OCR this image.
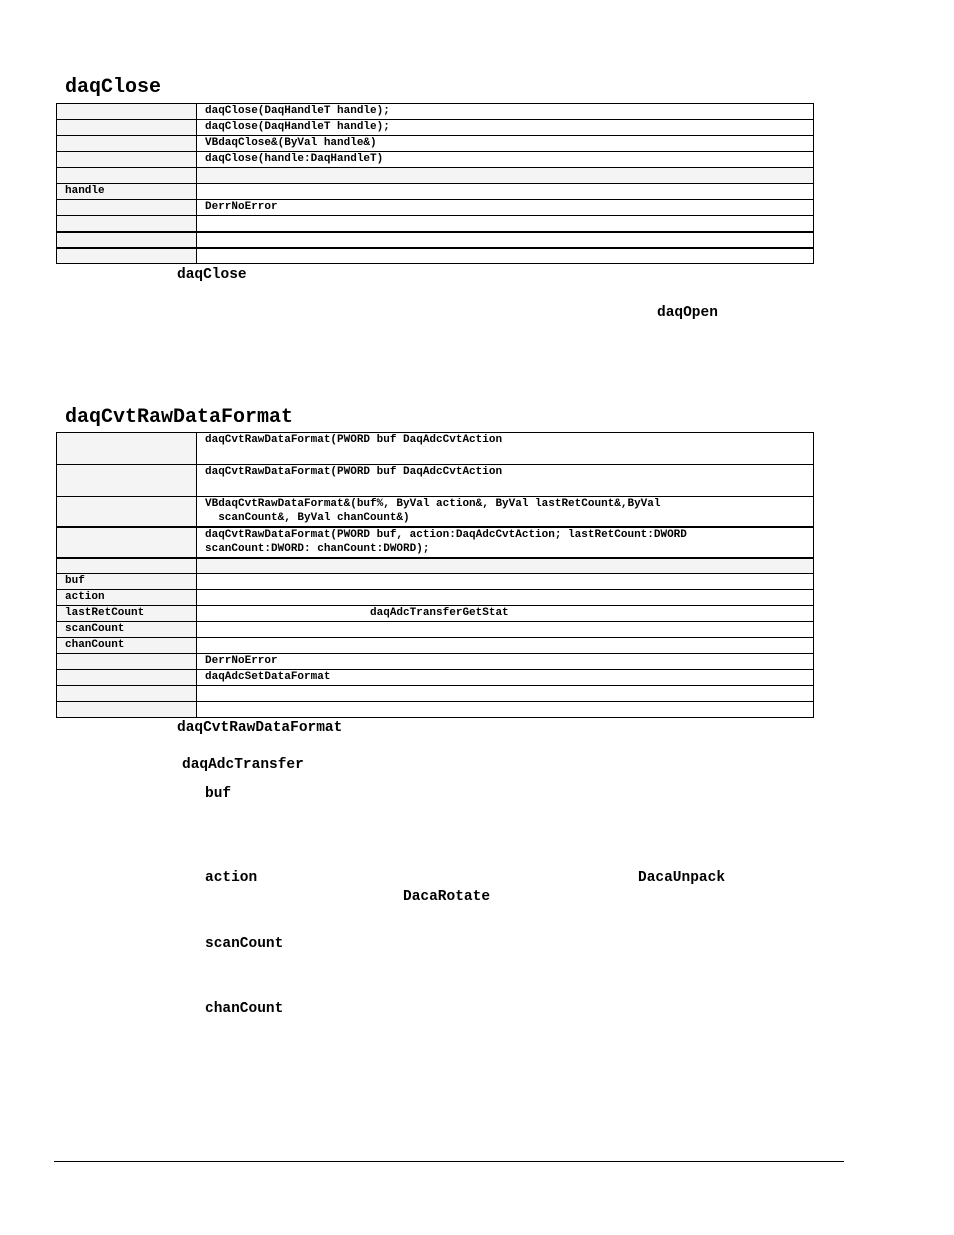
daqClose
	daqClose(DaqHandleT handle);
	daqClose(DaqHandleT handle);
	VBdaqClose&(ByVal handle&)
	daqClose(handle:DaqHandleT)

handle	
	DerrNoError

daqClose
daqOpen
daqCvtRawDataFormat
	daqCvtRawDataFormat(PWORD buf DaqAdcCvtAction
	daqCvtRawDataFormat(PWORD buf DaqAdcCvtAction
	VBdaqCvtRawDataFormat&(buf%, ByVal action&, ByVal lastRetCount&,ByVal
scanCount&, ByVal chanCount&)
	daqCvtRawDataFormat(PWORD buf, action:DaqAdcCvtAction; lastRetCount:DWORD
scanCount:DWORD: chanCount:DWORD);

buf	
action	
lastRetCount	daqAdcTransferGetStat
scanCount	
chanCount	
	DerrNoError
	daqAdcSetDataFormat

daqCvtRawDataFormat
daqAdcTransfer
buf
action	DacaUnpack
DacaRotate
scanCount
chanCount
